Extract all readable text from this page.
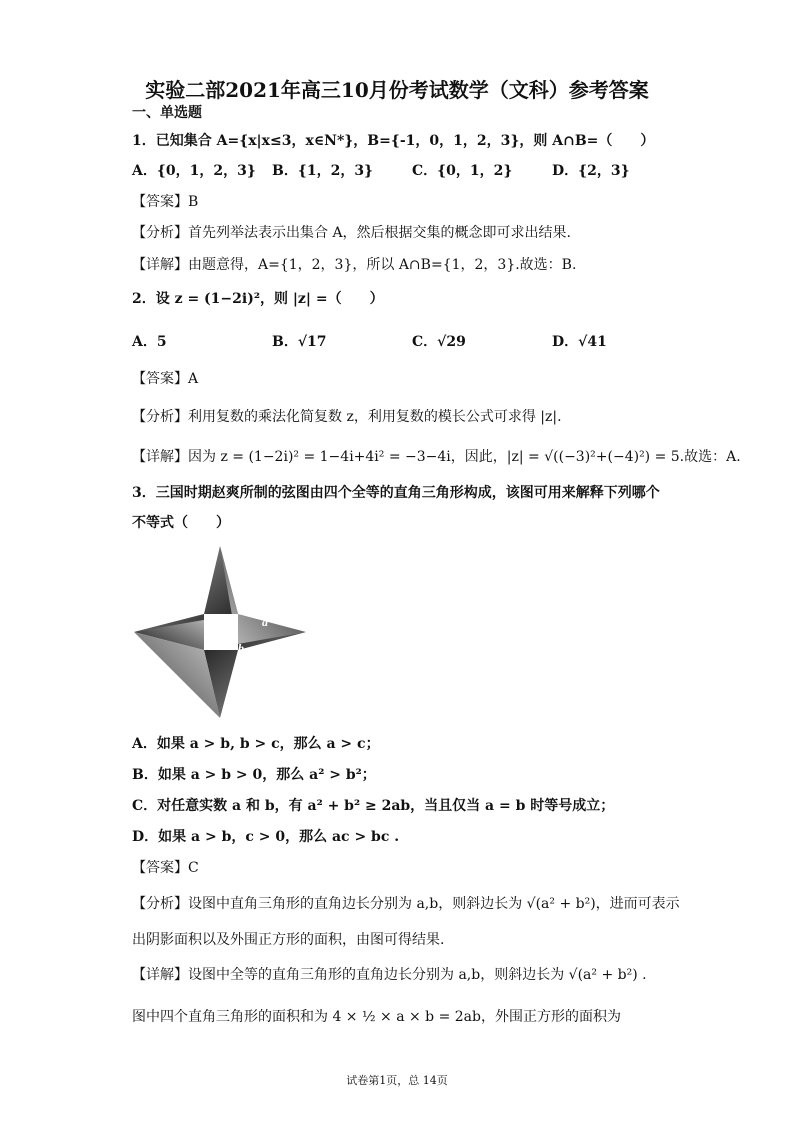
实验二部2021年高三10月份考试数学（文科）参考答案
一、单选题
1．已知集合 A={x|x≤3，x∈N*}，B={-1，0，1，2，3}，则 A∩B=（　　）
A．{0，1，2，3} B．{1，2，3}	C．{0，1，2}	D．{2，3}
【答案】B
【分析】首先列举法表示出集合 A，然后根据交集的概念即可求出结果.
【详解】由题意得，A={1，2，3}，所以 A∩B={1，2，3}.故选：B.
2．设 z = (1−2i)²，则 |z| =（　　）
A．5	B．√17	C．√29	D．√41
【答案】A
【分析】利用复数的乘法化简复数 z，利用复数的模长公式可求得 |z|.
【详解】因为 z = (1−2i)² = 1−4i+4i² = −3−4i，因此，|z| = √((−3)²+(−4)²) = 5.故选：A.
3．三国时期赵爽所制的弦图由四个全等的直角三角形构成，该图可用来解释下列哪个
不等式（　　）
a
b
A．如果 a > b, b > c，那么 a > c；
B．如果 a > b > 0，那么 a² > b²；
C．对任意实数 a 和 b，有 a² + b² ≥ 2ab，当且仅当 a = b 时等号成立；
D．如果 a > b，c > 0，那么 ac > bc .
【答案】C
【分析】设图中直角三角形的直角边长分别为 a,b，则斜边长为 √(a² + b²)，进而可表示
出阴影面积以及外围正方形的面积，由图可得结果.
【详解】设图中全等的直角三角形的直角边长分别为 a,b，则斜边长为 √(a² + b²) .
图中四个直角三角形的面积和为 4 × ½ × a × b = 2ab，外围正方形的面积为
试卷第1页，总 14页
